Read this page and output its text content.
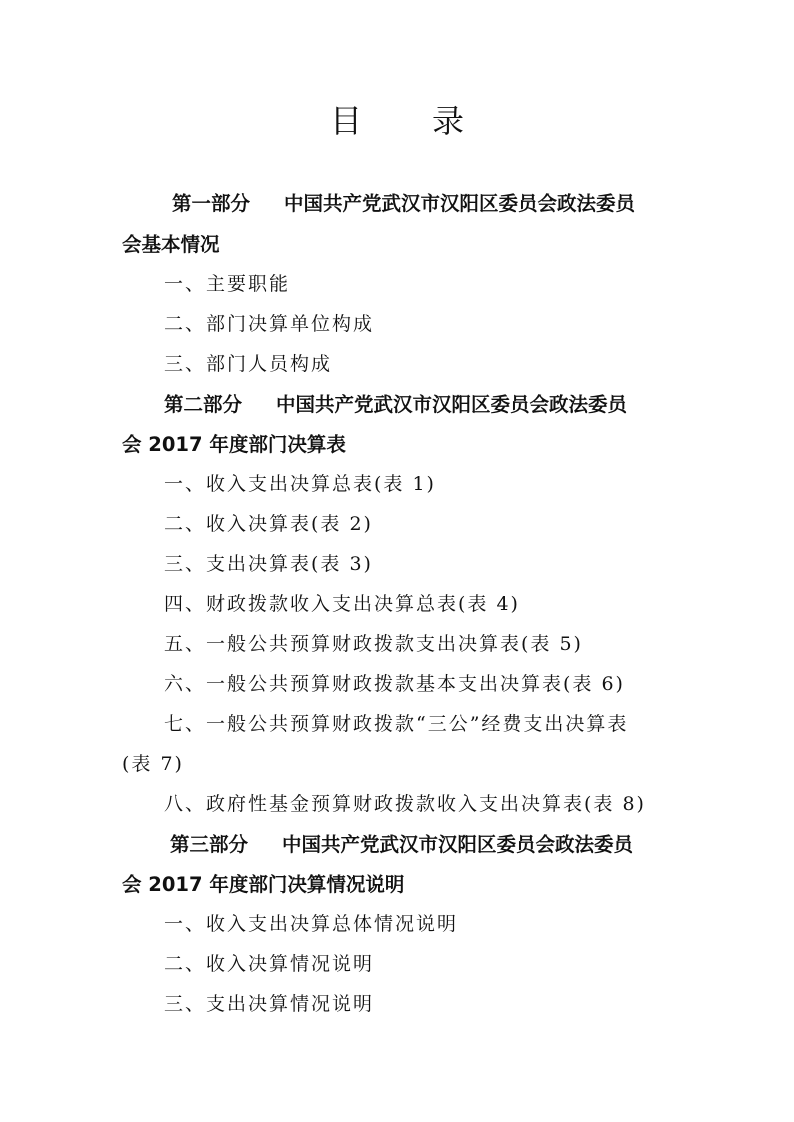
目 录
第一部分 中国共产党武汉市汉阳区委员会政法委员
会基本情况
一、主要职能
二、部门决算单位构成
三、部门人员构成
第二部分 中国共产党武汉市汉阳区委员会政法委员
会 2017 年度部门决算表
一、收入支出决算总表(表 1)
二、收入决算表(表 2)
三、支出决算表(表 3)
四、财政拨款收入支出决算总表(表 4)
五、一般公共预算财政拨款支出决算表(表 5)
六、一般公共预算财政拨款基本支出决算表(表 6)
七、一般公共预算财政拨款“三公”经费支出决算表
(表 7)
八、政府性基金预算财政拨款收入支出决算表(表 8)
第三部分 中国共产党武汉市汉阳区委员会政法委员
会 2017 年度部门决算情况说明
一、收入支出决算总体情况说明
二、收入决算情况说明
三、支出决算情况说明
